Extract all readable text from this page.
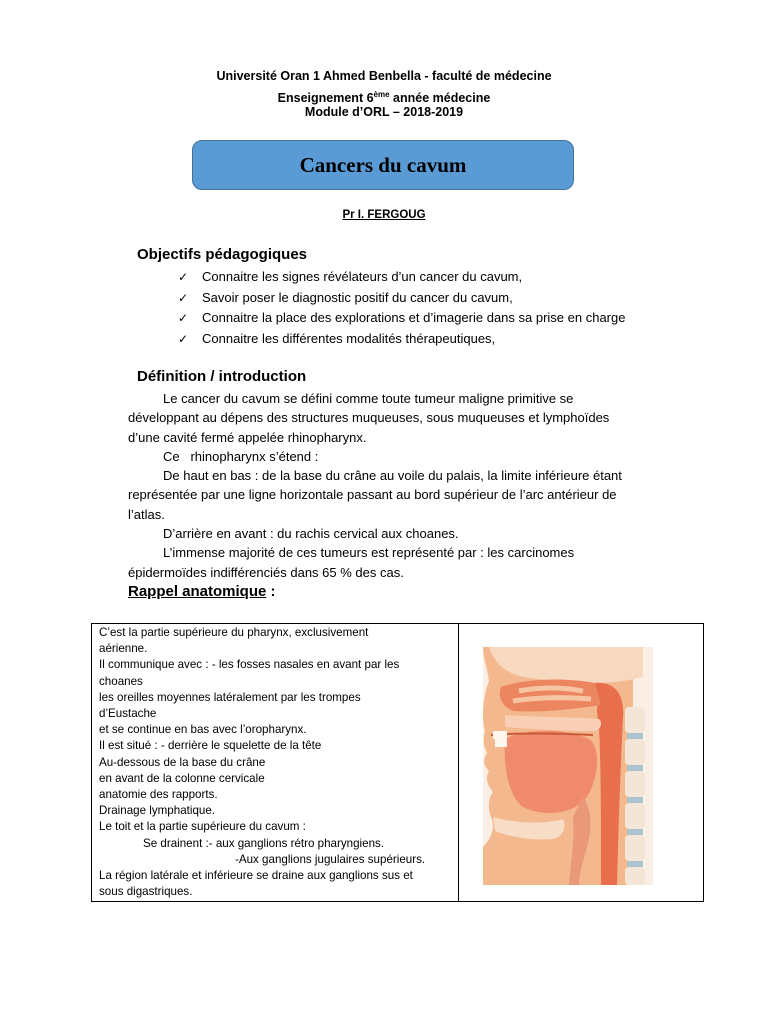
Université Oran 1 Ahmed Benbella - faculté de médecine
Enseignement 6ème année médecine
Module d’ORL – 2018-2019
Cancers du cavum
Pr I. FERGOUG
Objectifs pédagogiques
✓	Connaitre les signes révélateurs d’un cancer du cavum,
✓	Savoir poser le diagnostic positif du cancer du cavum,
✓	Connaitre la place des explorations et d’imagerie dans sa prise en charge
✓	Connaitre les différentes modalités thérapeutiques,
Définition / introduction

Le cancer du cavum se défini comme toute tumeur maligne primitive se

développant au dépens des structures muqueuses, sous muqueuses et lymphoïdes

d’une cavité fermé appelée rhinopharynx.

Ce   rhinopharynx s’étend :

De haut en bas : de la base du crâne au voile du palais, la limite inférieure étant

représentée par une ligne horizontale passant au bord supérieur de l’arc antérieur de

l’atlas.

D’arrière en avant : du rachis cervical aux choanes.

L’immense majorité de ces tumeurs est représenté par : les carcinomes

épidermoïdes indifférenciés dans 65 % des cas.

Rappel anatomique :
C’est la partie supérieure du pharynx, exclusivement
aérienne.
Il communique avec : - les fosses nasales en avant par les
choanes
les oreilles moyennes latéralement par les trompes
d’Eustache
et se continue en bas avec l’oropharynx.
Il est situé : - derrière le squelette de la tête
Au-dessous de la base du crâne
en avant de la colonne cervicale
anatomie des rapports.
Drainage lymphatique.
Le toit et la partie supérieure du cavum :
Se drainent :- aux ganglions rétro pharyngiens.
-Aux ganglions jugulaires supérieurs.
La région latérale et inférieure se draine aux ganglions sus et
sous digastriques.
